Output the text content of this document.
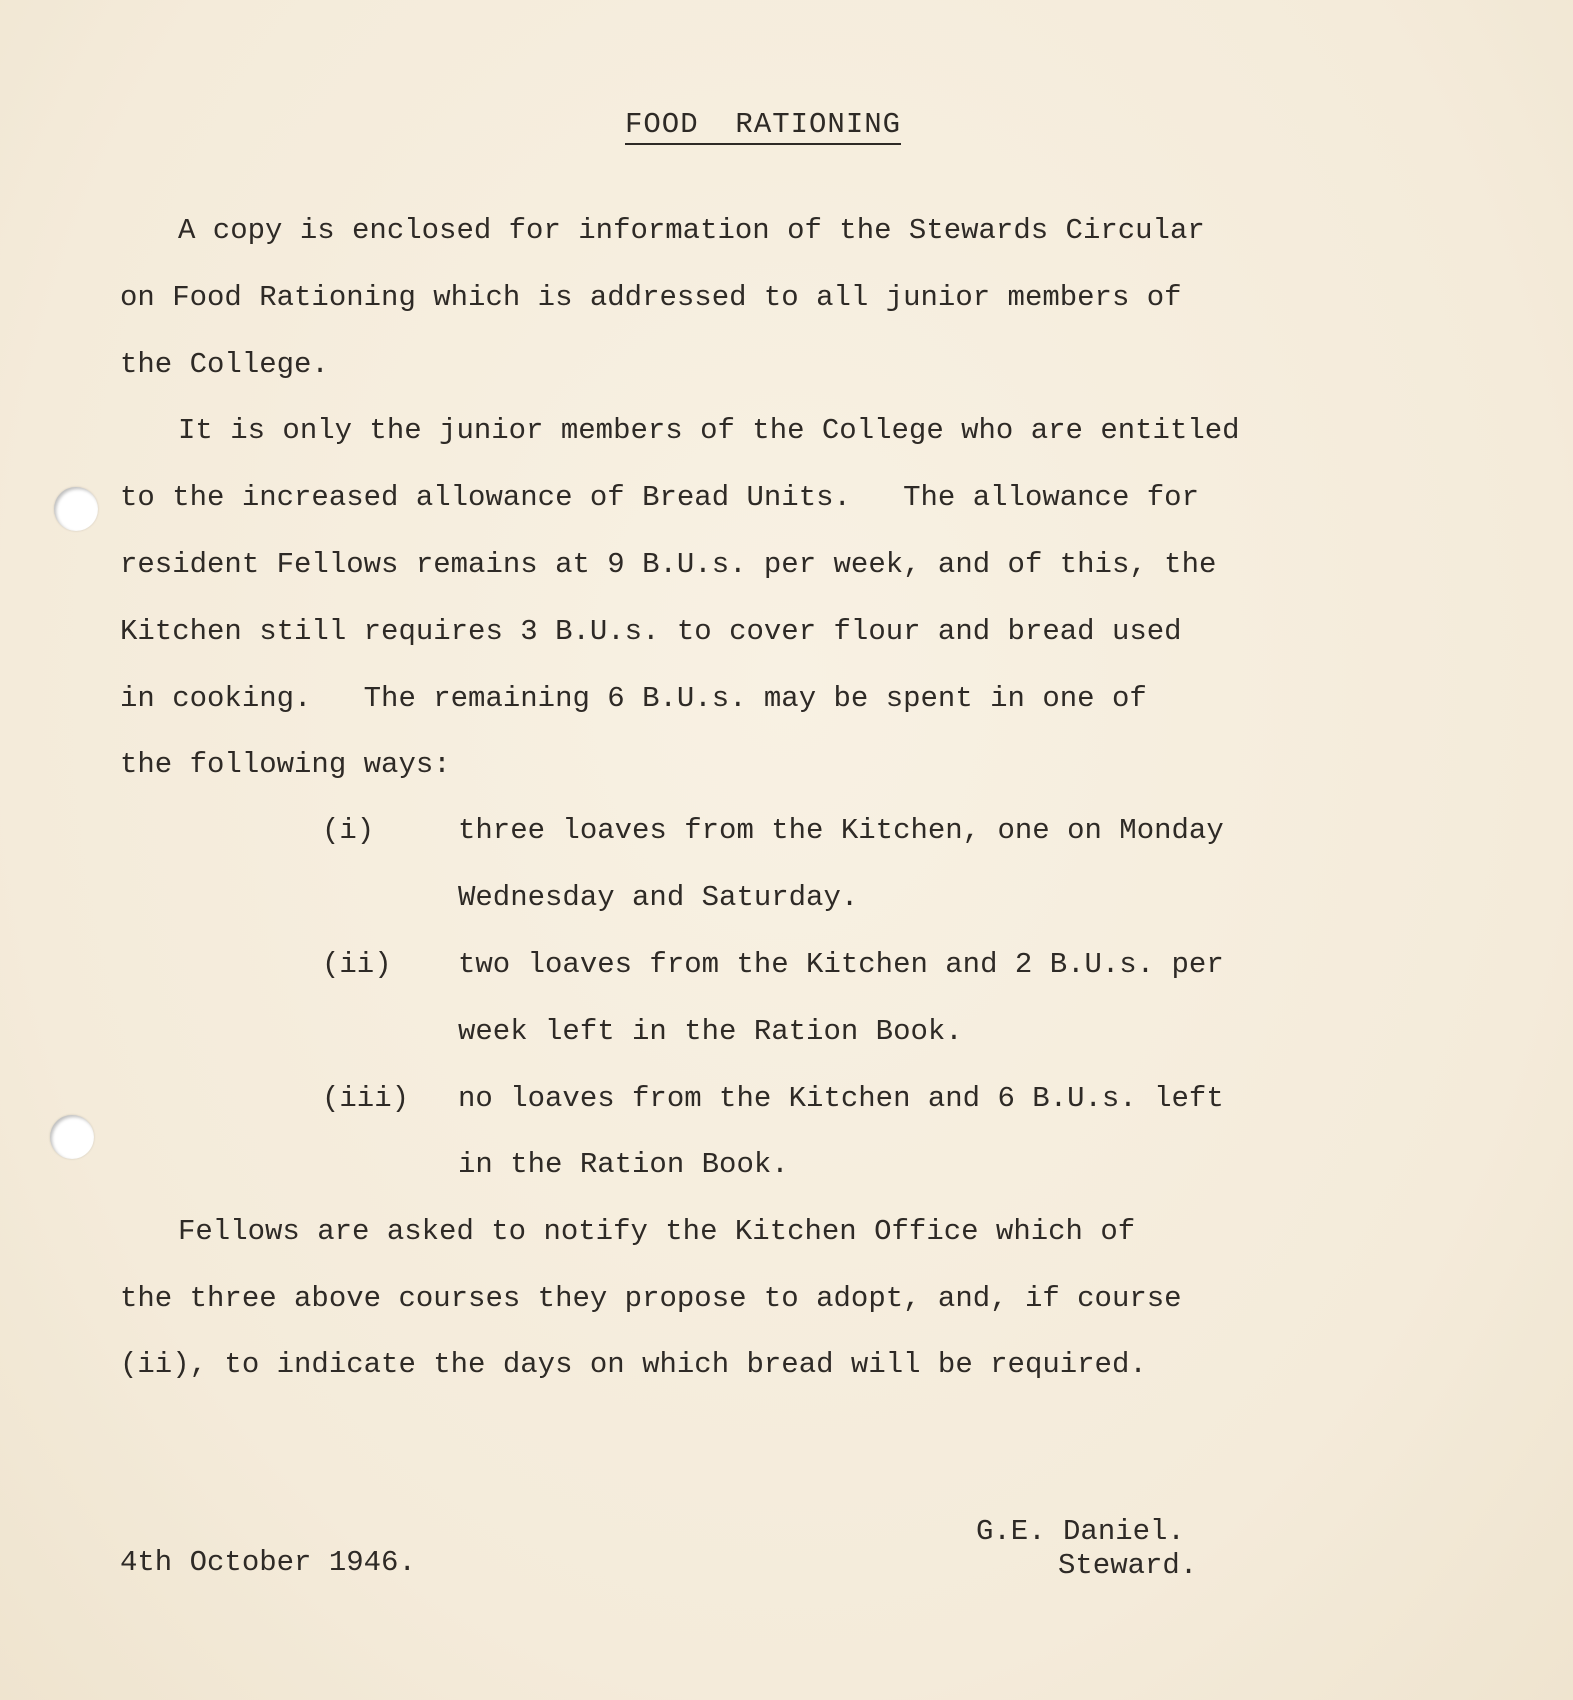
FOOD  RATIONING
A copy is enclosed for information of the Stewards Circular
on Food Rationing which is addressed to all junior members of
the College.
It is only the junior members of the College who are entitled
to the increased allowance of Bread Units.   The allowance for
resident Fellows remains at 9 B.U.s. per week, and of this, the
Kitchen still requires 3 B.U.s. to cover flour and bread used
in cooking.   The remaining 6 B.U.s. may be spent in one of
the following ways:
(i)	three loaves from the Kitchen, one on Monday
Wednesday and Saturday.
(ii) two loaves from the Kitchen and 2 B.U.s. per
week left in the Ration Book.
(iii) no loaves from the Kitchen and 6 B.U.s. left
in the Ration Book.
Fellows are asked to notify the Kitchen Office which of
the three above courses they propose to adopt, and, if course
(ii), to indicate the days on which bread will be required.
4th October 1946.
G.E. Daniel.
Steward.
